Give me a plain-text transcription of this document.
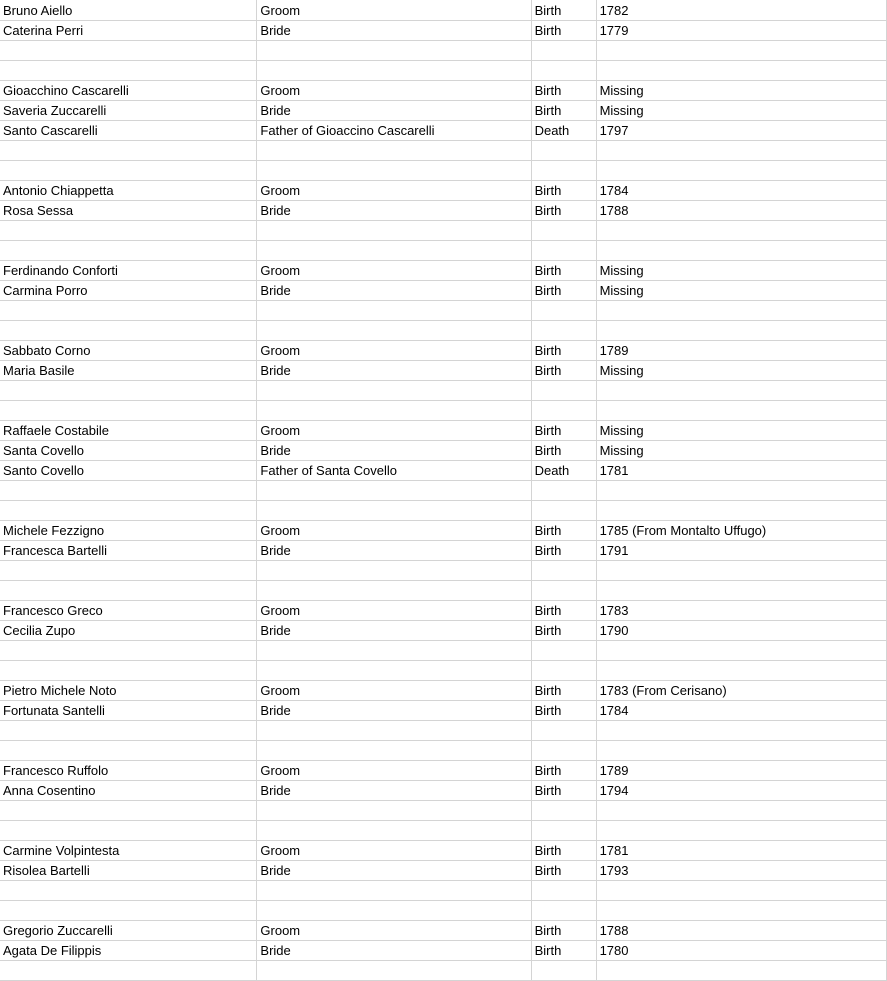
Bruno Aiello	Groom	Birth	1782
Caterina Perri	Bride	Birth	1779

Gioacchino Cascarelli	Groom	Birth	Missing
Saveria Zuccarelli	Bride	Birth	Missing
Santo Cascarelli	Father of Gioaccino Cascarelli	Death	1797

Antonio Chiappetta	Groom	Birth	1784
Rosa Sessa	Bride	Birth	1788

Ferdinando Conforti	Groom	Birth	Missing
Carmina Porro	Bride	Birth	Missing

Sabbato Corno	Groom	Birth	1789
Maria Basile	Bride	Birth	Missing

Raffaele Costabile	Groom	Birth	Missing
Santa Covello	Bride	Birth	Missing
Santo Covello	Father of Santa Covello	Death	1781

Michele Fezzigno	Groom	Birth	1785 (From Montalto Uffugo)
Francesca Bartelli	Bride	Birth	1791

Francesco Greco	Groom	Birth	1783
Cecilia Zupo	Bride	Birth	1790

Pietro Michele Noto	Groom	Birth	1783 (From Cerisano)
Fortunata Santelli	Bride	Birth	1784

Francesco Ruffolo	Groom	Birth	1789
Anna Cosentino	Bride	Birth	1794

Carmine Volpintesta	Groom	Birth	1781
Risolea Bartelli	Bride	Birth	1793

Gregorio Zuccarelli	Groom	Birth	1788
Agata De Filippis	Bride	Birth	1780
